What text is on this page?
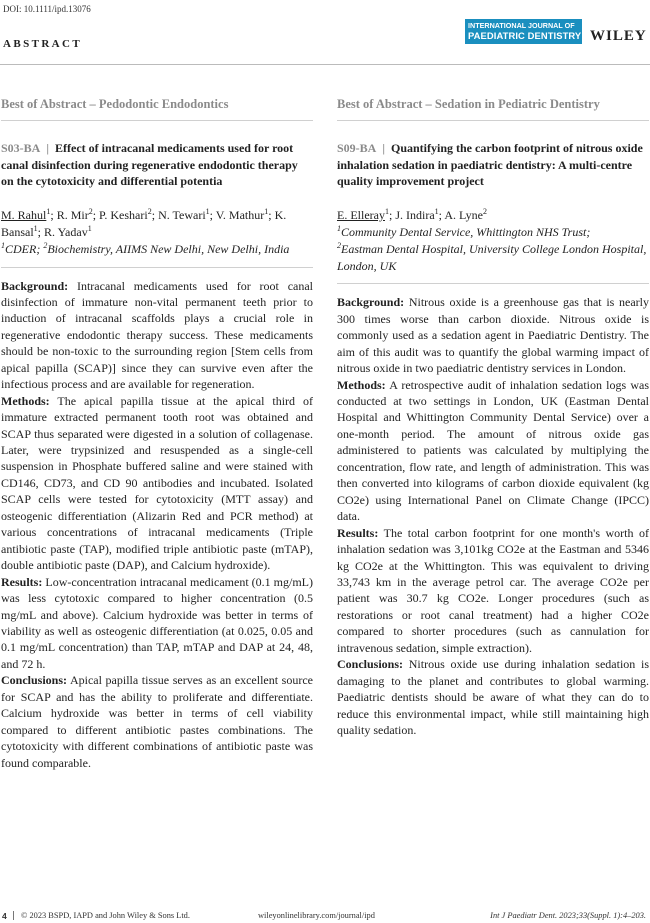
DOI: 10.1111/ipd.13076
ABSTRACT
INTERNATIONAL JOURNAL OF
PAEDIATRIC DENTISTRY WILEY
Best of Abstract – Pedodontic Endodontics
S03-BA | Effect of intracanal medicaments used for root canal disinfection during regenerative endodontic therapy on the cytotoxicity and differential potentia
M. Rahul$^1$; R. Mir$^2$; P. Keshari$^2$; N. Tewari$^1$; V. Mathur$^1$; K. Bansal$^1$; R. Yadav$^1$
$^1$CDER; $^2$Biochemistry, AIIMS New Delhi, New Delhi, India

Background: Intracanal medicaments used for root canal disinfection of immature non-vital permanent teeth prior to induction of intracanal scaffolds plays a crucial role in regenerative endodontic therapy success. These medicaments should be non-toxic to the surrounding region [Stem cells from apical papilla (SCAP)] since they can survive even after the infectious process and are available for regeneration.

Methods: The apical papilla tissue at the apical third of immature extracted permanent tooth root was obtained and SCAP thus separated were digested in a solution of collagenase. Later, were trypsinized and resuspended as a single-cell suspension in Phosphate buffered saline and were stained with CD146, CD73, and CD 90 antibodies and incubated. Isolated SCAP cells were tested for cytotoxicity (MTT assay) and osteogenic differentiation (Alizarin Red and PCR method) at various concentrations of intracanal medicaments (Triple antibiotic paste (TAP), modified triple antibiotic paste (mTAP), double antibiotic paste (DAP), and Calcium hydroxide).

Results: Low-concentration intracanal medicament (0.1 mg/mL) was less cytotoxic compared to higher concentration (0.5 mg/mL and above). Calcium hydroxide was better in terms of viability as well as osteogenic differentiation (at 0.025, 0.05 and 0.1 mg/mL concentration) than TAP, mTAP and DAP at 24, 48, and 72 h.

Conclusions: Apical papilla tissue serves as an excellent source for SCAP and has the ability to proliferate and differentiate. Calcium hydroxide was better in terms of cell viability compared to different antibiotic pastes combinations. The cytotoxicity with different combinations of antibiotic paste was found comparable.

Best of Abstract – Sedation in Pediatric Dentistry
S09-BA | Quantifying the carbon footprint of nitrous oxide inhalation sedation in paediatric dentistry: A multi-centre quality improvement project
E. Elleray$^1$; J. Indira$^1$; A. Lyne$^2$
$^1$Community Dental Service, Whittington NHS Trust;
$^2$Eastman Dental Hospital, University College London Hospital, London, UK

Background: Nitrous oxide is a greenhouse gas that is nearly 300 times worse than carbon dioxide. Nitrous oxide is commonly used as a sedation agent in Paediatric Dentistry. The aim of this audit was to quantify the global warming impact of nitrous oxide in two paediatric dentistry services in London.

Methods: A retrospective audit of inhalation sedation logs was conducted at two settings in London, UK (Eastman Dental Hospital and Whittington Community Dental Service) over a one-month period. The amount of nitrous oxide gas administered to patients was calculated by multiplying the concentration, flow rate, and length of administration. This was then converted into kilograms of carbon dioxide equivalent (kg CO2e) using International Panel on Climate Change (IPCC) data.

Results: The total carbon footprint for one month's worth of inhalation sedation was 3,101kg CO2e at the Eastman and 5346 kg CO2e at the Whittington. This was equivalent to driving 33,743 km in the average petrol car. The average CO2e per patient was 30.7 kg CO2e. Longer procedures (such as restorations or root canal treatment) had a higher CO2e compared to shorter procedures (such as cannulation for intravenous sedation, simple extraction).

Conclusions: Nitrous oxide use during inhalation sedation is damaging to the planet and contributes to global warming. Paediatric dentists should be aware of what they can do to reduce this environmental impact, while still maintaining high quality sedation.

4	© 2023 BSPD, IAPD and John Wiley & Sons Ltd.	wileyonlinelibrary.com/journal/ipd	Int J Paediatr Dent. 2023;33(Suppl. 1):4–203.
